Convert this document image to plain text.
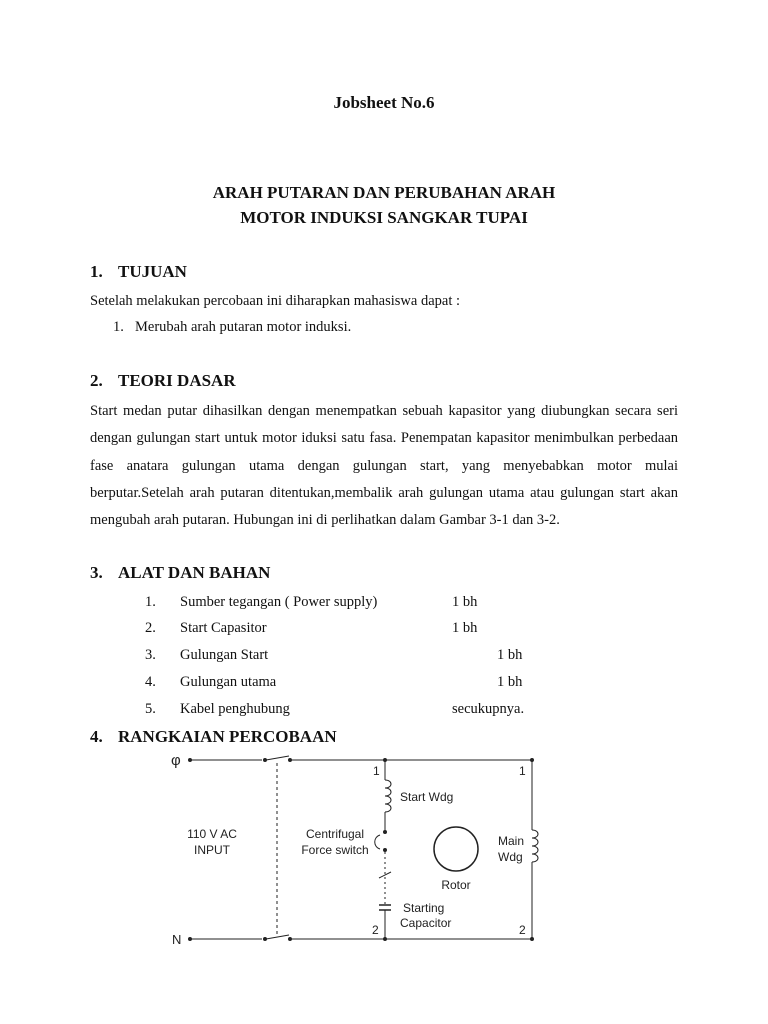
Jobsheet No.6
ARAH PUTARAN DAN PERUBAHAN ARAH
MOTOR INDUKSI SANGKAR TUPAI
1. TUJUAN
Setelah melakukan percobaan ini diharapkan mahasiswa dapat :
1. Merubah arah putaran motor induksi.
2. TEORI DASAR

Start medan putar dihasilkan dengan menempatkan sebuah kapasitor yang diubungkan secara seri dengan gulungan start untuk motor iduksi satu fasa. Penempatan kapasitor menimbulkan perbedaan fase anatara gulungan utama dengan gulungan start, yang menyebabkan motor mulai berputar.Setelah arah putaran ditentukan,membalik arah gulungan utama atau gulungan start akan mengubah arah putaran. Hubungan ini di perlihatkan dalam Gambar 3-1 dan 3-2.

3. ALAT DAN BAHAN
1. Sumber tegangan ( Power supply)	1 bh
2. Start Capasitor	1 bh
3. Gulungan Start	1 bh
4. Gulungan utama	1 bh
5. Kabel penghubung	secukupnya.
4. RANGKAIAN PERCOBAAN
φ
N
110 V AC
INPUT
Centrifugal
Force switch
Start Wdg
Main
Wdg
Rotor
Starting
Capacitor
1
2
1
2
